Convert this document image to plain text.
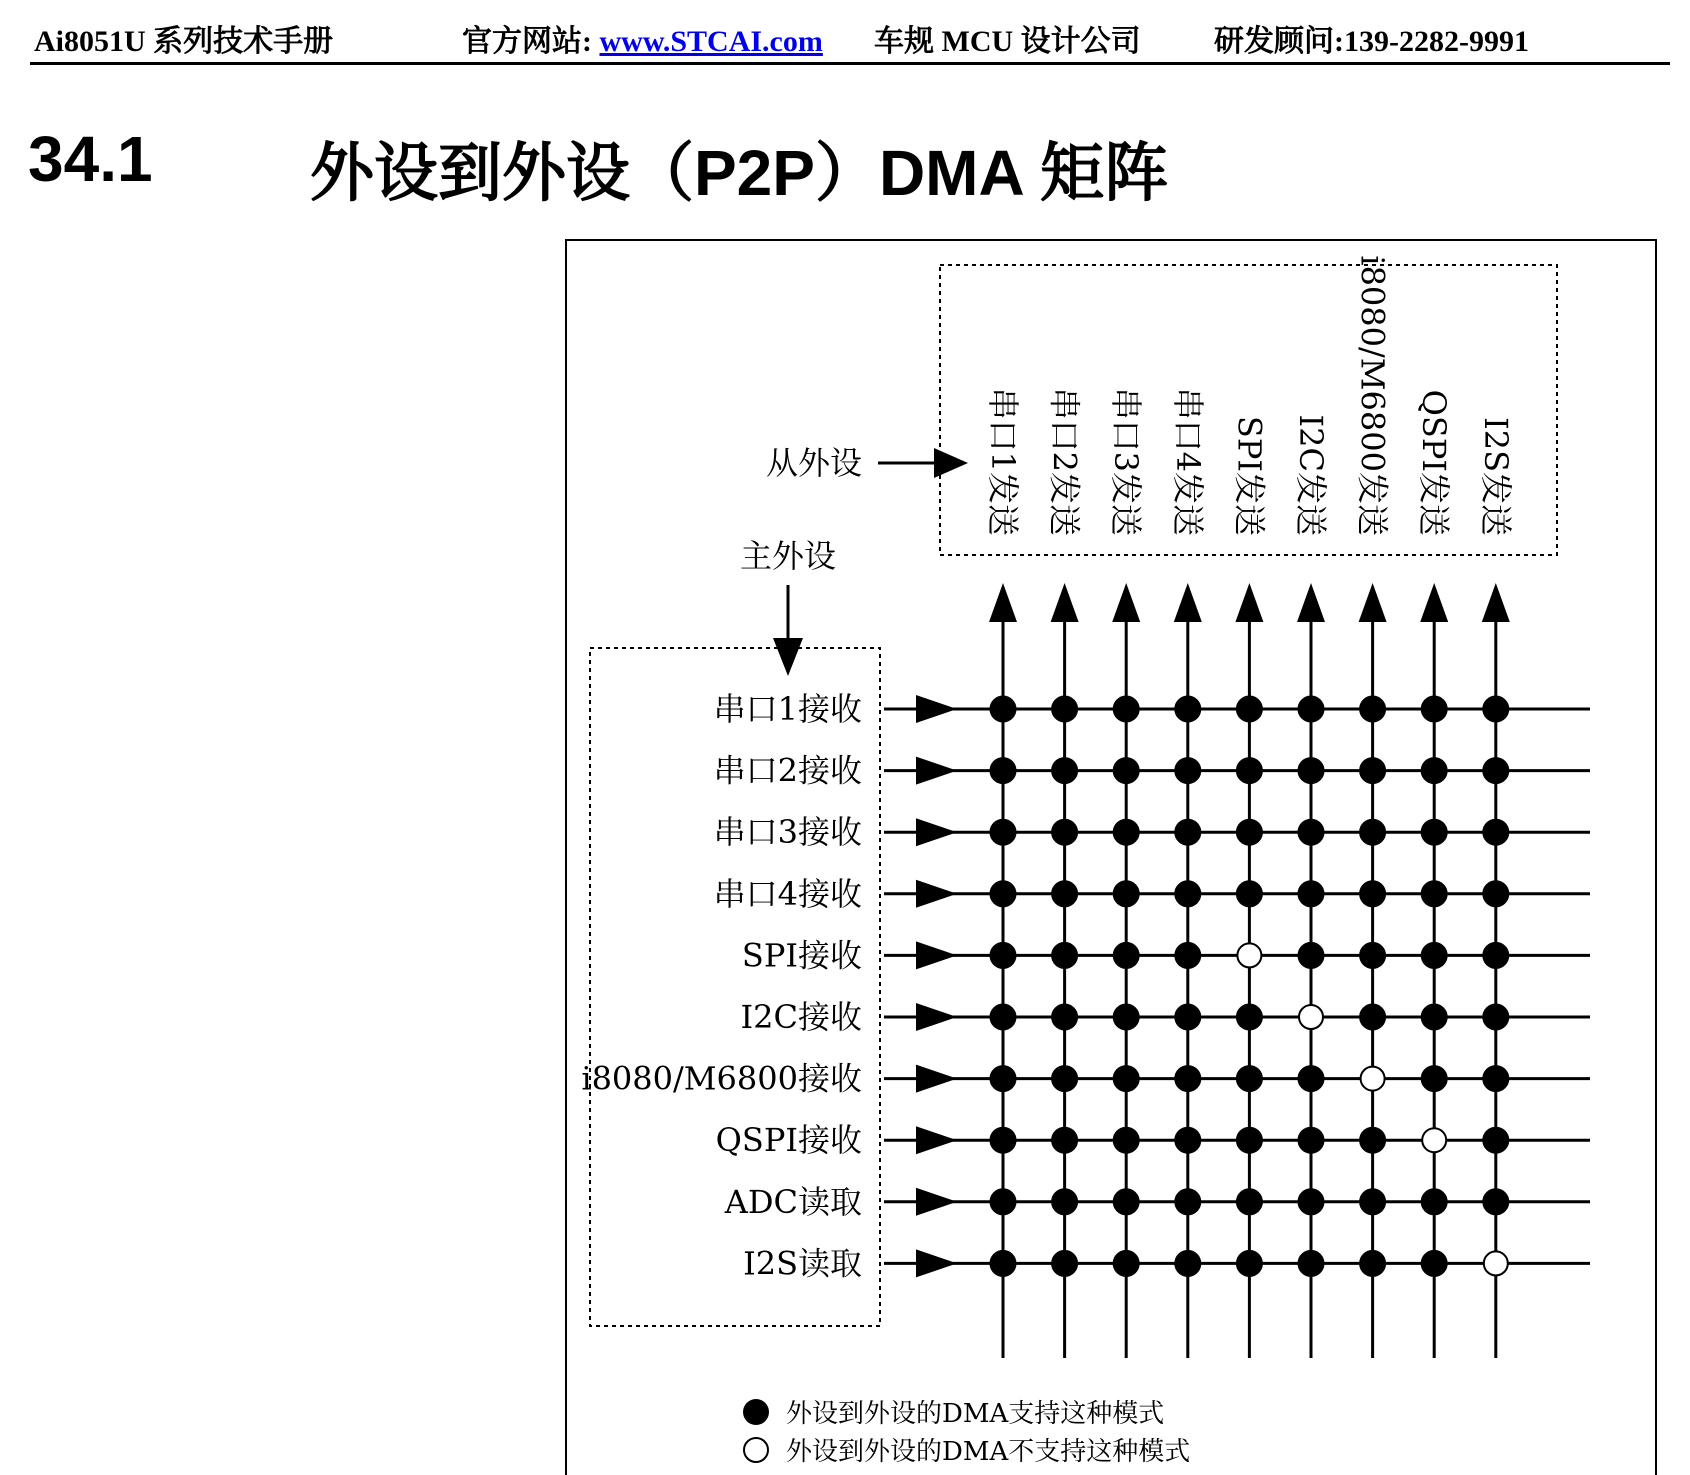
Ai8051U 系列技术手册	官方网站: www.STCAI.com 车规 MCU 设计公司 研发顾问:139-2282-9991
34.1 外设到外设（P2P）DMA 矩阵
从外设
主外设
串口1发送 串口2发送 串口3发送 串口4发送 SPI发送 I2C发送 i8080/M6800发送 QSPI发送 I2S发送
串口1接收
串口2接收
串口3接收
串口4接收
SPI接收
I2C接收
i8080/M6800接收
QSPI接收
ADC读取
I2S读取
外设到外设的DMA支持这种模式
外设到外设的DMA不支持这种模式
